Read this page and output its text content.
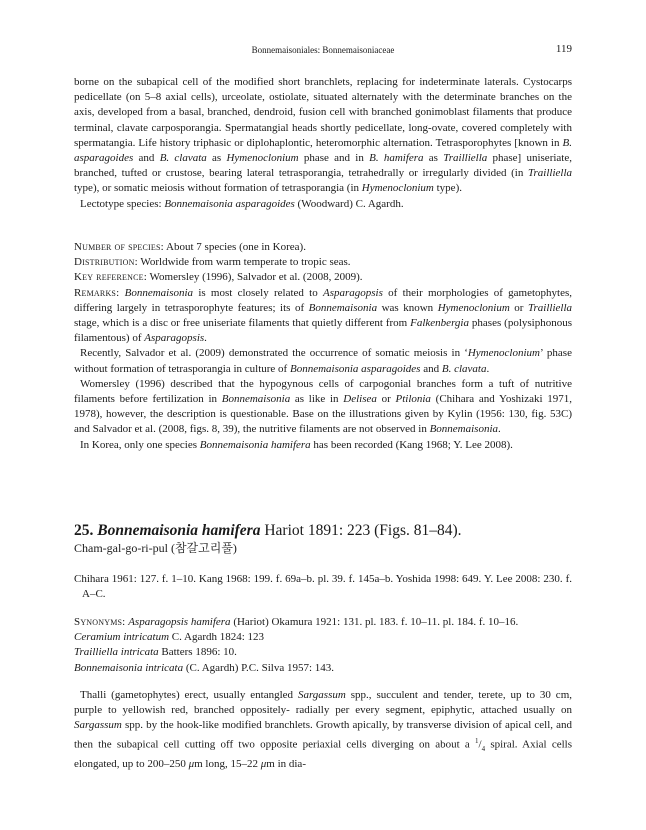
Bonnemaisoniales: Bonnemaisoniaceae	119

borne on the subapical cell of the modified short branchlets, replacing for indeterminate laterals. Cystocarps pedicellate (on 5–8 axial cells), urceolate, ostiolate, situated alternately with the determinate branches on the axis, developed from a basal, branched, dendroid, fusion cell with branched gonimoblast filaments that produce terminal, clavate carposporangia. Spermatangial heads shortly pedicellate, long-ovate, covered completely with spermatangia. Life history triphasic or diplohaplontic, heteromorphic alternation. Tetrasporophytes [known in B. asparagoides and B. clavata as Hymenoclonium phase and in B. hamifera as Trailliella phase] uniseriate, branched, tufted or crustose, bearing lateral tetrasporangia, tetrahedrally or irregularly divided (in Trailliella type), or somatic meiosis without formation of tetrasporangia (in Hymenoclonium type).

Lectotype species: Bonnemaisonia asparagoides (Woodward) C. Agardh.

Number of species: About 7 species (one in Korea).

Distribution: Worldwide from warm temperate to tropic seas.

Key reference: Womersley (1996), Salvador et al. (2008, 2009).

Remarks: Bonnemaisonia is most closely related to Asparagopsis of their morphologies of gametophytes, differing largely in tetrasporophyte features; its of Bonnemaisonia was known Hymenoclonium or Trailliella stage, which is a disc or free uniseriate filaments that quietly different from Falkenbergia phases (polysiphonous filamentous) of Asparagopsis.

Recently, Salvador et al. (2009) demonstrated the occurrence of somatic meiosis in ‘Hymenoclonium’ phase without formation of tetrasporangia in culture of Bonnemaisonia asparagoides and B. clavata.

Womersley (1996) described that the hypogynous cells of carpogonial branches form a tuft of nutritive filaments before fertilization in Bonnemaisonia as like in Delisea or Ptilonia (Chihara and Yoshizaki 1971, 1978), however, the description is questionable. Base on the illustrations given by Kylin (1956: 130, fig. 53C) and Salvador et al. (2008, figs. 8, 39), the nutritive filaments are not observed in Bonnemaisonia.

In Korea, only one species Bonnemaisonia hamifera has been recorded (Kang 1968; Y. Lee 2008).

25. Bonnemaisonia hamifera Hariot 1891: 223 (Figs. 81–84).

Cham-gal-go-ri-pul (참갈고리풀)

Chihara 1961: 127. f. 1–10. Kang 1968: 199. f. 69a–b. pl. 39. f. 145a–b. Yoshida 1998: 649. Y. Lee 2008: 230. f. A–C.

Synonyms: Asparagopsis hamifera (Hariot) Okamura 1921: 131. pl. 183. f. 10–11. pl. 184. f. 10–16.

Ceramium intricatum C. Agardh 1824: 123

Trailliella intricata Batters 1896: 10.

Bonnemaisonia intricata (C. Agardh) P.C. Silva 1957: 143.

Thalli (gametophytes) erect, usually entangled Sargassum spp., succulent and tender, terete, up to 30 cm, purple to yellowish red, branched oppositely- radially per every segment, epiphytic, attached usually on Sargassum spp. by the hook-like modified branchlets. Growth apically, by transverse division of apical cell, and then the subapical cell cutting off two opposite periaxial cells diverging on about a $^1/_4$ spiral. Axial cells elongated, up to 200–250 μm long, 15–22 μm in dia-
